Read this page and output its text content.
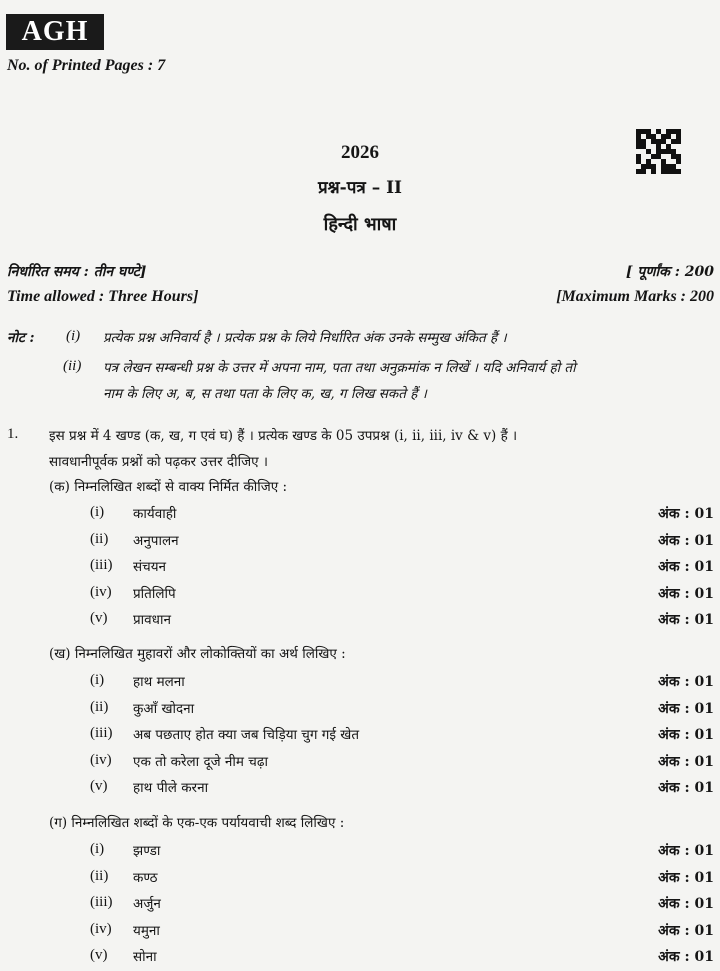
AGH
No. of Printed Pages : 7
2026
प्रश्न-पत्र – II
हिन्दी भाषा
निर्धारित समय : तीन घण्टे]	[ पूर्णांक : 200
Time allowed : Three Hours]	[Maximum Marks : 200
नोट : (i) प्रत्येक प्रश्न अनिवार्य है । प्रत्येक प्रश्न के लिये निर्धारित अंक उनके सम्मुख अंकित हैं ।
(ii) पत्र लेखन सम्बन्धी प्रश्न के उत्तर में अपना नाम, पता तथा अनुक्रमांक न लिखें । यदि अनिवार्य हो तो
नाम के लिए अ, ब, स तथा पता के लिए क, ख, ग लिख सकते हैं ।
1. इस प्रश्न में 4 खण्ड (क, ख, ग एवं घ) हैं । प्रत्येक खण्ड के 05 उपप्रश्न (i, ii, iii, iv & v) हैं ।
सावधानीपूर्वक प्रश्नों को पढ़कर उत्तर दीजिए ।
(क) निम्नलिखित शब्दों से वाक्य निर्मित कीजिए :
(i) कार्यवाही	अंक : 01
(ii) अनुपालन	अंक : 01
(iii) संचयन	अंक : 01
(iv) प्रतिलिपि	अंक : 01
(v) प्रावधान	अंक : 01
(ख) निम्नलिखित मुहावरों और लोकोक्तियों का अर्थ लिखिए :
(i) हाथ मलना	अंक : 01
(ii) कुआँ खोदना	अंक : 01
(iii) अब पछताए होत क्या जब चिड़िया चुग गई खेत	अंक : 01
(iv) एक तो करेला दूजे नीम चढ़ा	अंक : 01
(v) हाथ पीले करना	अंक : 01
(ग) निम्नलिखित शब्दों के एक-एक पर्यायवाची शब्द लिखिए :
(i) झण्डा	अंक : 01
(ii) कण्ठ	अंक : 01
(iii) अर्जुन	अंक : 01
(iv) यमुना	अंक : 01
(v) सोना	अंक : 01
